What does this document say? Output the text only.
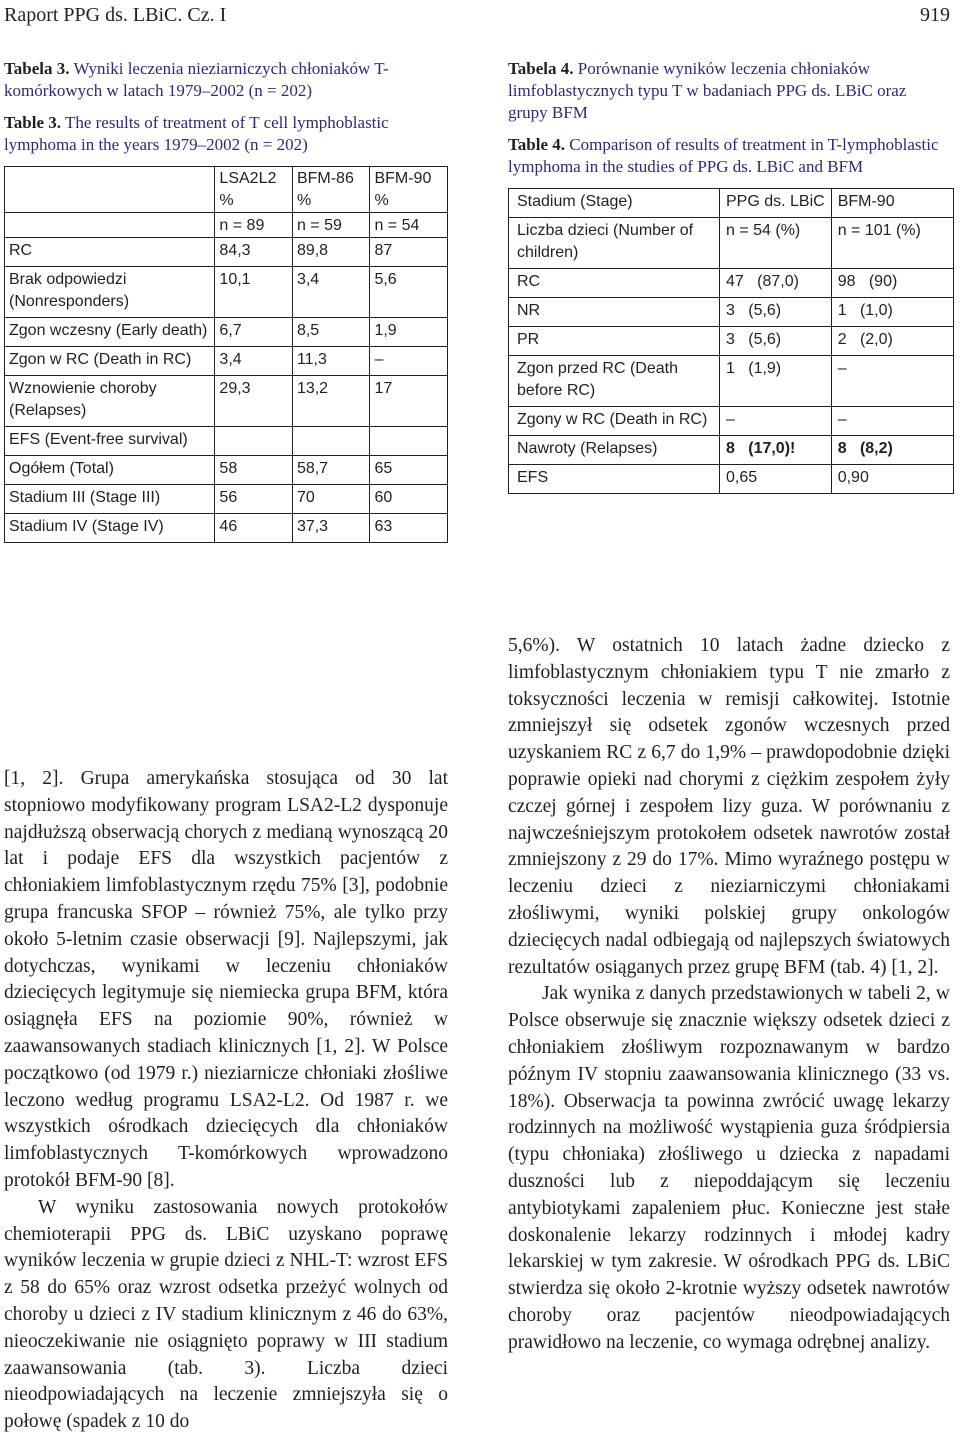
Raport PPG ds. LBiC. Cz. I	919

Tabela 3. Wyniki leczenia nieziarniczych chłoniaków T-komórkowych w latach 1979–2002 (n = 202)

Table 3. The results of treatment of T cell lymphoblastic lymphoma in the years 1979–2002 (n = 202)

	LSA2L2 %	BFM-86 %	BFM-90 %
	n = 89	n = 59	n = 54
RC	84,3	89,8	87
Brak odpowiedzi (Nonresponders)	10,1	3,4	5,6
Zgon wczesny (Early death)	6,7	8,5	1,9
Zgon w RC (Death in RC)	3,4	11,3	–
Wznowienie choroby (Relapses)	29,3	13,2	17
EFS (Event-free survival)			
Ogółem (Total)	58	58,7	65
Stadium III (Stage III)	56	70	60
Stadium IV (Stage IV)	46	37,3	63

Tabela 4. Porównanie wyników leczenia chłoniaków limfoblastycznych typu T w badaniach PPG ds. LBiC oraz grupy BFM

Table 4. Comparison of results of treatment in T-lymphoblastic lymphoma in the studies of PPG ds. LBiC and BFM

Stadium (Stage)	PPG ds. LBiC	BFM-90
Liczba dzieci (Number of children)	n = 54 (%)	n = 101 (%)
RC	47   (87,0)	98   (90)
NR	3   (5,6)	1   (1,0)
PR	3   (5,6)	2   (2,0)
Zgon przed RC (Death before RC)	1   (1,9)	–
Zgony w RC (Death in RC)	–	–
Nawroty (Relapses)	8   (17,0)!	8   (8,2)
EFS	0,65	0,90

[1, 2]. Grupa amerykańska stosująca od 30 lat stopniowo modyfikowany program LSA2-L2 dysponuje najdłuższą obserwacją chorych z medianą wynoszącą 20 lat i podaje EFS dla wszystkich pacjentów z chłoniakiem limfoblastycznym rzędu 75% [3], podobnie grupa francuska SFOP – również 75%, ale tylko przy około 5-letnim czasie obserwacji [9]. Najlepszymi, jak dotychczas, wynikami w leczeniu chłoniaków dziecięcych legitymuje się niemiecka grupa BFM, która osiągnęła EFS na poziomie 90%, również w zaawansowanych stadiach klinicznych [1, 2]. W Polsce początkowo (od 1979 r.) nieziarnicze chłoniaki złośliwe leczono według programu LSA2-L2. Od 1987 r. we wszystkich ośrodkach dziecięcych dla chłoniaków limfoblastycznych T-komórkowych wprowadzono protokół BFM-90 [8].

W wyniku zastosowania nowych protokołów chemioterapii PPG ds. LBiC uzyskano poprawę wyników leczenia w grupie dzieci z NHL-T: wzrost EFS z 58 do 65% oraz wzrost odsetka przeżyć wolnych od choroby u dzieci z IV stadium klinicznym z 46 do 63%, nieoczekiwanie nie osiągnięto poprawy w III stadium zaawansowania (tab. 3). Liczba dzieci nieodpowiadających na leczenie zmniejszyła się o połowę (spadek z 10 do

5,6%). W ostatnich 10 latach żadne dziecko z limfoblastycznym chłoniakiem typu T nie zmarło z toksyczności leczenia w remisji całkowitej. Istotnie zmniejszył się odsetek zgonów wczesnych przed uzyskaniem RC z 6,7 do 1,9% – prawdopodobnie dzięki poprawie opieki nad chorymi z ciężkim zespołem żyły czczej górnej i zespołem lizy guza. W porównaniu z najwcześniejszym protokołem odsetek nawrotów został zmniejszony z 29 do 17%. Mimo wyraźnego postępu w leczeniu dzieci z nieziarniczymi chłoniakami złośliwymi, wyniki polskiej grupy onkologów dziecięcych nadal odbiegają od najlepszych światowych rezultatów osiąganych przez grupę BFM (tab. 4) [1, 2].

Jak wynika z danych przedstawionych w tabeli 2, w Polsce obserwuje się znacznie większy odsetek dzieci z chłoniakiem złośliwym rozpoznawanym w bardzo późnym IV stopniu zaawansowania klinicznego (33 vs. 18%). Obserwacja ta powinna zwrócić uwagę lekarzy rodzinnych na możliwość wystąpienia guza śródpiersia (typu chłoniaka) złośliwego u dziecka z napadami duszności lub z niepoddającym się leczeniu antybiotykami zapaleniem płuc. Konieczne jest stałe doskonalenie lekarzy rodzinnych i młodej kadry lekarskiej w tym zakresie. W ośrodkach PPG ds. LBiC stwierdza się około 2-krotnie wyższy odsetek nawrotów choroby oraz pacjentów nieodpowiadających prawidłowo na leczenie, co wymaga odrębnej analizy.
